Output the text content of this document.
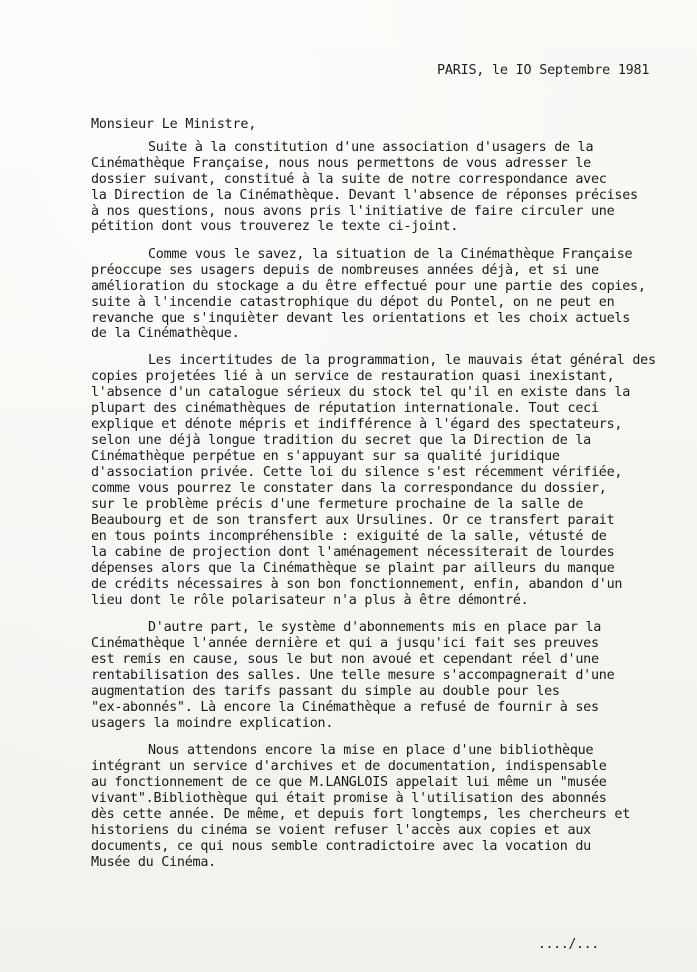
PARIS, le IO Septembre 1981
Monsieur Le Ministre,
Suite à la constitution d'une association d'usagers de la
Cinémathèque Française, nous nous permettons de vous adresser le
dossier suivant, constitué à la suite de notre correspondance avec
la Direction de la Cinémathèque. Devant l'absence de réponses précises
à nos questions, nous avons pris l'initiative de faire circuler une
pétition dont vous trouverez le texte ci-joint.
Comme vous le savez, la situation de la Cinémathèque Française
préoccupe ses usagers depuis de nombreuses années déjà, et si une
amélioration du stockage a du être effectué pour une partie des copies,
suite à l'incendie catastrophique du dépot du Pontel, on ne peut en
revanche que s'inquièter devant les orientations et les choix actuels
de la Cinémathèque.
Les incertitudes de la programmation, le mauvais état général des
copies projetées lié à un service de restauration quasi inexistant,
l'absence d'un catalogue sérieux du stock tel qu'il en existe dans la
plupart des cinémathèques de réputation internationale. Tout ceci
explique et dénote mépris et indifférence à l'égard des spectateurs,
selon une déjà longue tradition du secret que la Direction de la
Cinémathèque perpétue en s'appuyant sur sa qualité juridique
d'association privée. Cette loi du silence s'est récemment vérifiée,
comme vous pourrez le constater dans la correspondance du dossier,
sur le problème précis d'une fermeture prochaine de la salle de
Beaubourg et de son transfert aux Ursulines. Or ce transfert parait
en tous points incompréhensible : exiguité de la salle, vétusté de
la cabine de projection dont l'aménagement nécessiterait de lourdes
dépenses alors que la Cinémathèque se plaint par ailleurs du manque
de crédits nécessaires à son bon fonctionnement, enfin, abandon d'un
lieu dont le rôle polarisateur n'a plus à être démontré.
D'autre part, le système d'abonnements mis en place par la
Cinémathèque l'année dernière et qui a jusqu'ici fait ses preuves
est remis en cause, sous le but non avoué et cependant réel d'une
rentabilisation des salles. Une telle mesure s'accompagnerait d'une
augmentation des tarifs passant du simple au double pour les
"ex-abonnés". Là encore la Cinémathèque a refusé de fournir à ses
usagers la moindre explication.
Nous attendons encore la mise en place d'une bibliothèque
intégrant un service d'archives et de documentation, indispensable
au fonctionnement de ce que M.LANGLOIS appelait lui même un "musée
vivant".Bibliothèque qui était promise à l'utilisation des abonnés
dès cette année. De même, et depuis fort longtemps, les chercheurs et
historiens du cinéma se voient refuser l'accès aux copies et aux
documents, ce qui nous semble contradictoire avec la vocation du
Musée du Cinéma.
..../...
